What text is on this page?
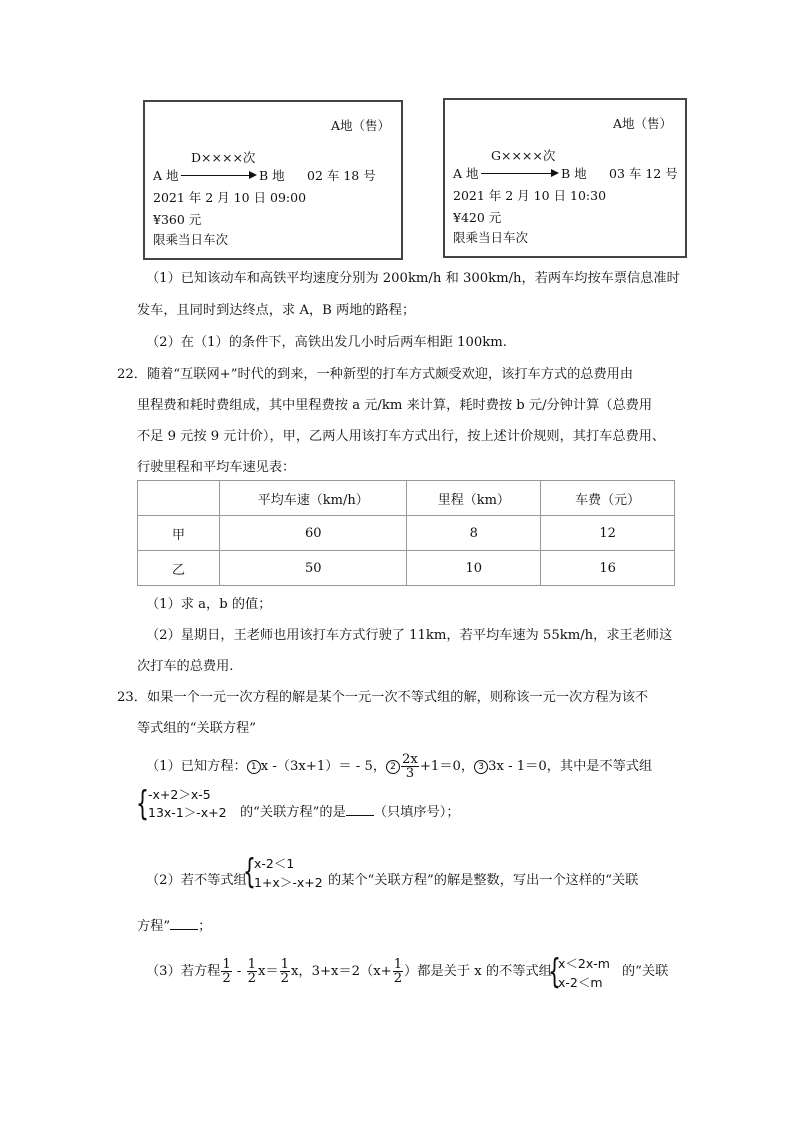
A地（售）
D××××次
A 地	B 地 02 车 18 号
2021 年 2 月 10 日 09:00
¥360 元
限乘当日车次
A地（售）
G××××次
A 地	B 地 03 车 12 号
2021 年 2 月 10 日 10:30
¥420 元
限乘当日车次
（1）已知该动车和高铁平均速度分别为 200km/h 和 300km/h，若两车均按车票信息准时
发车，且同时到达终点，求 A，B 两地的路程；
（2）在（1）的条件下，高铁出发几小时后两车相距 100km.
22．随着“互联网+”时代的到来，一种新型的打车方式颇受欢迎，该打车方式的总费用由
里程费和耗时费组成，其中里程费按 a 元/km 来计算，耗时费按 b 元/分钟计算（总费用
不足 9 元按 9 元计价），甲，乙两人用该打车方式出行，按上述计价规则，其打车总费用、
行驶里程和平均车速见表：
	平均车速（km/h）	里程（km）	车费（元）
甲	60	8	12
乙	50	10	16
（1）求 a，b 的值；
（2）星期日，王老师也用该打车方式行驶了 11km，若平均车速为 55km/h，求王老师这
次打车的总费用.
23．如果一个一元一次方程的解是某个一元一次不等式组的解，则称该一元一次方程为该不
等式组的“关联方程”
（1）已知方程： 1 x -（3x+1）＝ - 5， $2 \frac{2x}{3} +1=0$， 3 3x - 1＝0，其中是不等式组
{ -x+2＞x-5
13x-1＞-x+2 的“关联方程”的是 （只填序号）；
（2）若不等式组
{
x-2＜1
1+x＞-x+2 的某个“关联方程”的解是整数，写出一个这样的“关联
方程” ；
（3）若方程 $\frac{1}{2} - \frac{1}{2} x= \frac{1}{2}$ x，$3+x=2(x+ \frac{1}{2}$ ）都是关于 x 的不等式组
{
x＜2x-m
x-2＜m
的“关联
